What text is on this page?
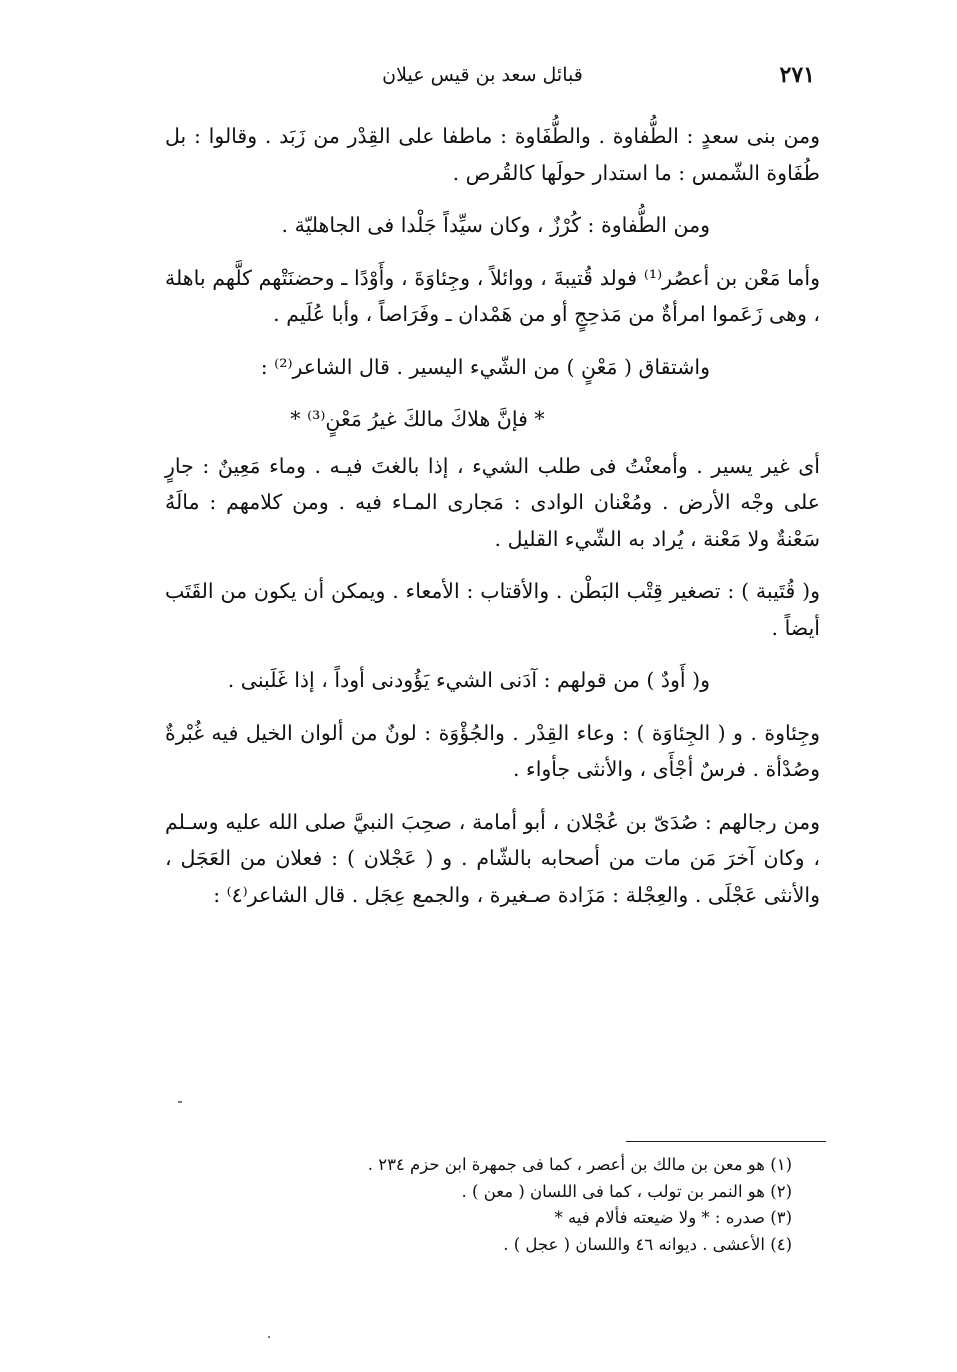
٢٧١
قبائل سعد بن قيس عيلان

ومن بنى سعدٍ : الطُّفاوة . والطُّفَاوة : ماطفا على القِدْر من زَبَد . وقالوا : بل طُفَاوة الشّمس : ما استدار حولَها كالقُرص .

ومن الطُّفاوة : كُرْزٌ ، وكان سيِّداً جَلْدا فى الجاهليّة .

وأما مَعْن بن أعصُر⁽¹⁾ فولد قُتيبةَ ، ووائلاً ، وجِئاوَةَ ، وأَوْدًا ـ وحضنَتْهم كلَّهم باهلة ، وهى زَعَموا امرأةٌ من مَذحِجٍ أو من هَمْدان ـ وفَرَاصاً ، وأبا عُلَيم .

واشتقاق ( مَعْنٍ ) من الشّيء اليسير . قال الشاعر⁽²⁾ :

* فإنَّ هلاكَ مالكَ غيرُ مَعْنٍ⁽³⁾ *

أى غير يسير . وأمعنْتُ فى طلب الشيء ، إذا بالغتَ فيـه . وماء مَعِينٌ : جارٍ على وجْه الأرض . ومُعْنان الوادى : مَجارى المـاء فيه . ومن كلامهم : مالَهُ سَعْنةٌ ولا مَعْنة ، يُراد به الشّيء القليل .

و( قُتَيبة ) : تصغير قِتْب البَطْن . والأقتاب : الأمعاء . ويمكن أن يكون من القَتَب أيضاً .

و( أَودٌ ) من قولهم : آدَنى الشيء يَؤُودنى أوداً ، إذا غَلَبنى .

وجِئاوة . و ( الجِئاوَة ) : وعاء القِدْر . والجُؤْوَة : لونٌ من ألوان الخيل فيه غُبْرةٌ وصُدْأة . فرسٌ أجْأَى ، والأنثى جأواء .

ومن رجالهم : صُدَىّ بن عُجْلان ، أبو أمامة ، صحِبَ النبيَّ صلى الله عليه وسـلم ، وكان آخرَ مَن مات من أصحابه بالشّام . و ( عَجْلان ) : فعلان من العَجَل ، والأنثى عَجْلَى . والعِجْلة : مَزَادة صـغيرة ، والجمع عِجَل . قال الشاعر⁽٤⁾ :

(١) هو معن بن مالك بن أعصر ، كما فى جمهرة ابن حزم ٢٣٤ .

(٢) هو النمر بن تولب ، كما فى اللسان ( معن ) .

(٣) صدره : * ولا ضيعته فألام فيه *

(٤) الأعشى . ديوانه ٤٦ واللسان ( عجل ) .
